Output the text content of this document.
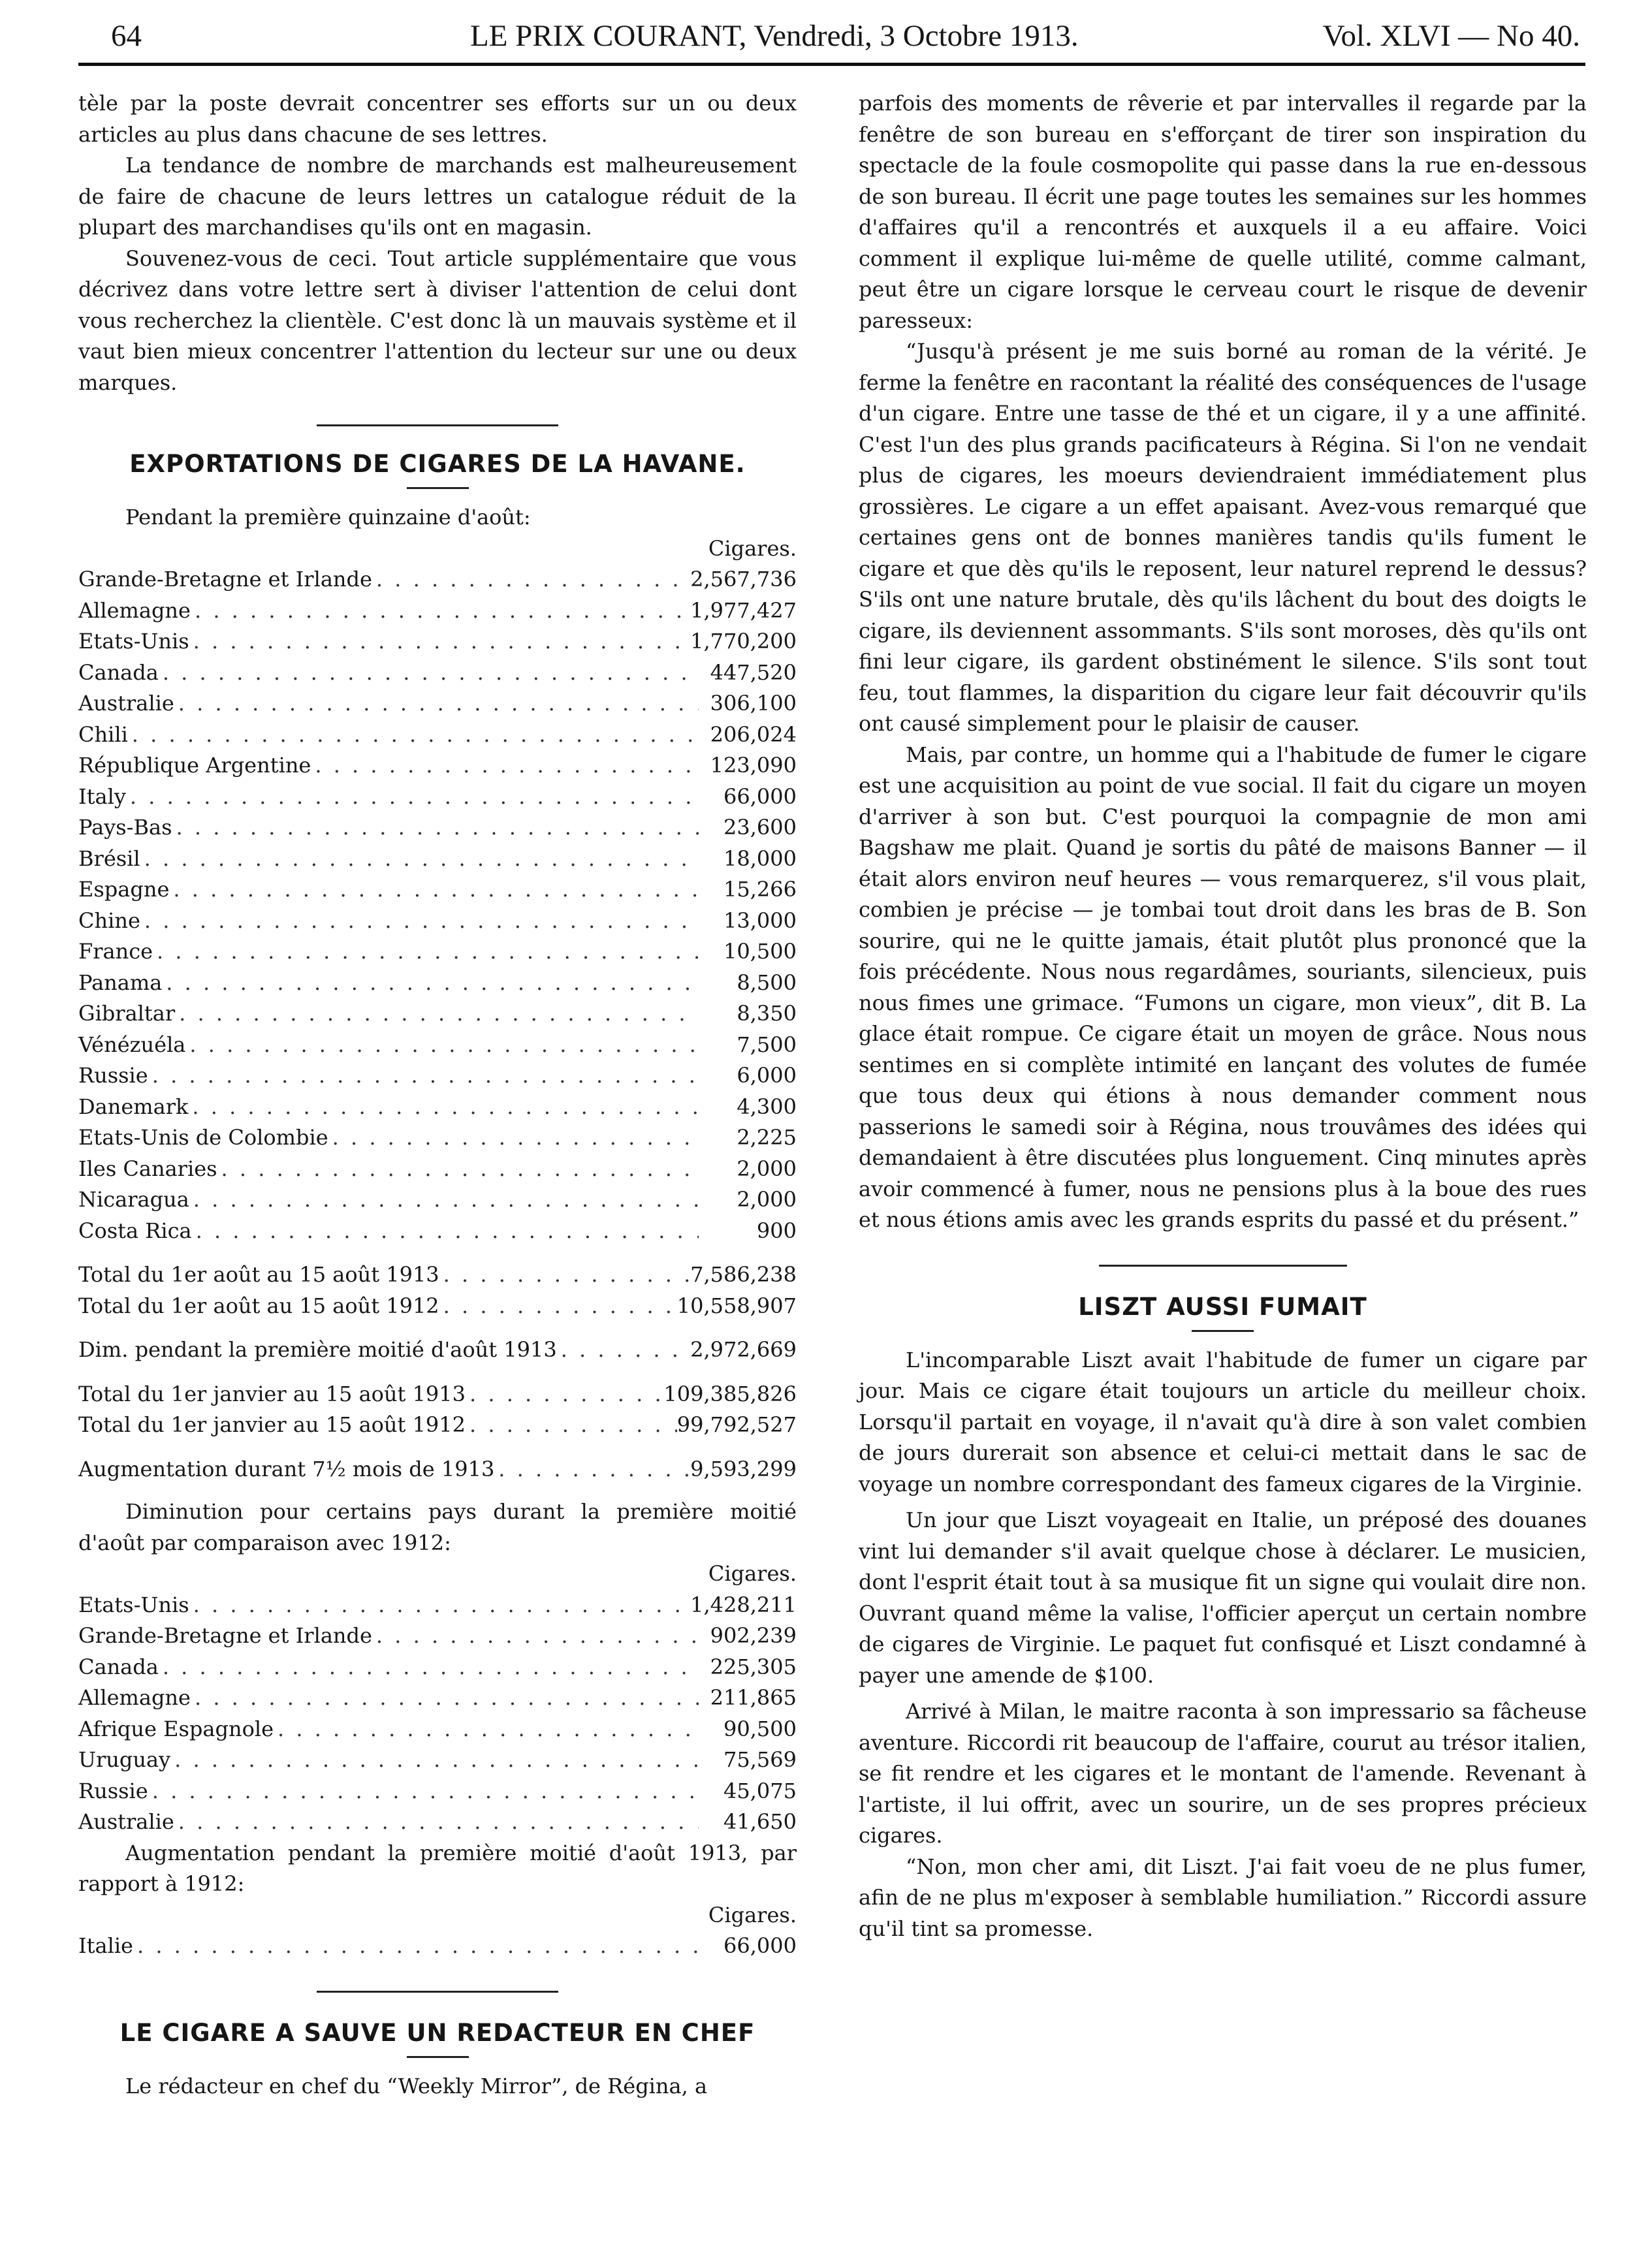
64	LE PRIX COURANT, Vendredi, 3 Octobre 1913.	Vol. XLVI — No 40.

tèle par la poste devrait concentrer ses efforts sur un ou deux articles au plus dans chacune de ses lettres.

La tendance de nombre de marchands est malheureusement de faire de chacune de leurs lettres un catalogue réduit de la plupart des marchandises qu'ils ont en magasin.

Souvenez-vous de ceci. Tout article supplémentaire que vous décrivez dans votre lettre sert à diviser l'attention de celui dont vous recherchez la clientèle. C'est donc là un mauvais système et il vaut bien mieux concentrer l'attention du lecteur sur une ou deux marques.

EXPORTATIONS DE CIGARES DE LA HAVANE.

Pendant la première quinzaine d'août:

Cigares.
Grande-Bretagne et Irlande . . .	2,567,736
Allemagne . . .	1,977,427
Etats-Unis . . .	1,770,200
Canada . . .	447,520
Australie . . .	306,100
Chili . . .	206,024
République Argentine . . .	123,090
Italy . . .	66,000
Pays-Bas . . .	23,600
Brésil . . .	18,000
Espagne . . .	15,266
Chine . . .	13,000
France . . .	10,500
Panama . . .	8,500
Gibraltar . . .	8,350
Vénézuéla . . .	7,500
Russie . . .	6,000
Danemark . . .	4,300
Etats-Unis de Colombie . . .	2,225
Iles Canaries . . .	2,000
Nicaragua . . .	2,000
Costa Rica . . .	900
Total du 1er août au 15 août 1913 . . .	7,586,238
Total du 1er août au 15 août 1912 . . .	10,558,907
Dim. pendant la première moitié d'août 1913 . . .	2,972,669
Total du 1er janvier au 15 août 1913 . . .	109,385,826
Total du 1er janvier au 15 août 1912 . . .	99,792,527
Augmentation durant 7½ mois de 1913 . . .	9,593,299

Diminution pour certains pays durant la première moitié d'août par comparaison avec 1912:

Cigares.
Etats-Unis . . .	1,428,211
Grande-Bretagne et Irlande . . .	902,239
Canada . . .	225,305
Allemagne . . .	211,865
Afrique Espagnole . . .	90,500
Uruguay . . .	75,569
Russie . . .	45,075
Australie . . .	41,650

Augmentation pendant la première moitié d'août 1913, par rapport à 1912:

Cigares.
Italie . . .	66,000
LE CIGARE A SAUVE UN REDACTEUR EN CHEF

Le rédacteur en chef du “Weekly Mirror”, de Régina, a

parfois des moments de rêverie et par intervalles il regarde par la fenêtre de son bureau en s'efforçant de tirer son inspiration du spectacle de la foule cosmopolite qui passe dans la rue en-dessous de son bureau. Il écrit une page toutes les semaines sur les hommes d'affaires qu'il a rencontrés et auxquels il a eu affaire. Voici comment il explique lui-même de quelle utilité, comme calmant, peut être un cigare lorsque le cerveau court le risque de devenir paresseux:

“Jusqu'à présent je me suis borné au roman de la vérité. Je ferme la fenêtre en racontant la réalité des conséquences de l'usage d'un cigare. Entre une tasse de thé et un cigare, il y a une affinité. C'est l'un des plus grands pacificateurs à Régina. Si l'on ne vendait plus de cigares, les moeurs deviendraient immédiatement plus grossières. Le cigare a un effet apaisant. Avez-vous remarqué que certaines gens ont de bonnes manières tandis qu'ils fument le cigare et que dès qu'ils le reposent, leur naturel reprend le dessus? S'ils ont une nature brutale, dès qu'ils lâchent du bout des doigts le cigare, ils deviennent assommants. S'ils sont moroses, dès qu'ils ont fini leur cigare, ils gardent obstinément le silence. S'ils sont tout feu, tout flammes, la disparition du cigare leur fait découvrir qu'ils ont causé simplement pour le plaisir de causer.

Mais, par contre, un homme qui a l'habitude de fumer le cigare est une acquisition au point de vue social. Il fait du cigare un moyen d'arriver à son but. C'est pourquoi la compagnie de mon ami Bagshaw me plait. Quand je sortis du pâté de maisons Banner — il était alors environ neuf heures — vous remarquerez, s'il vous plait, combien je précise — je tombai tout droit dans les bras de B. Son sourire, qui ne le quitte jamais, était plutôt plus prononcé que la fois précédente. Nous nous regardâmes, souriants, silencieux, puis nous fimes une grimace. “Fumons un cigare, mon vieux”, dit B. La glace était rompue. Ce cigare était un moyen de grâce. Nous nous sentimes en si complète intimité en lançant des volutes de fumée que tous deux qui étions à nous demander comment nous passerions le samedi soir à Régina, nous trouvâmes des idées qui demandaient à être discutées plus longuement. Cinq minutes après avoir commencé à fumer, nous ne pensions plus à la boue des rues et nous étions amis avec les grands esprits du passé et du présent.”

LISZT AUSSI FUMAIT

L'incomparable Liszt avait l'habitude de fumer un cigare par jour. Mais ce cigare était toujours un article du meilleur choix. Lorsqu'il partait en voyage, il n'avait qu'à dire à son valet combien de jours durerait son absence et celui-ci mettait dans le sac de voyage un nombre correspondant des fameux cigares de la Virginie.

Un jour que Liszt voyageait en Italie, un préposé des douanes vint lui demander s'il avait quelque chose à déclarer. Le musicien, dont l'esprit était tout à sa musique fit un signe qui voulait dire non. Ouvrant quand même la valise, l'officier aperçut un certain nombre de cigares de Virginie. Le paquet fut confisqué et Liszt condamné à payer une amende de $100.

Arrivé à Milan, le maitre raconta à son impressario sa fâcheuse aventure. Riccordi rit beaucoup de l'affaire, courut au trésor italien, se fit rendre et les cigares et le montant de l'amende. Revenant à l'artiste, il lui offrit, avec un sourire, un de ses propres précieux cigares.

“Non, mon cher ami, dit Liszt. J'ai fait voeu de ne plus fumer, afin de ne plus m'exposer à semblable humiliation.” Riccordi assure qu'il tint sa promesse.
